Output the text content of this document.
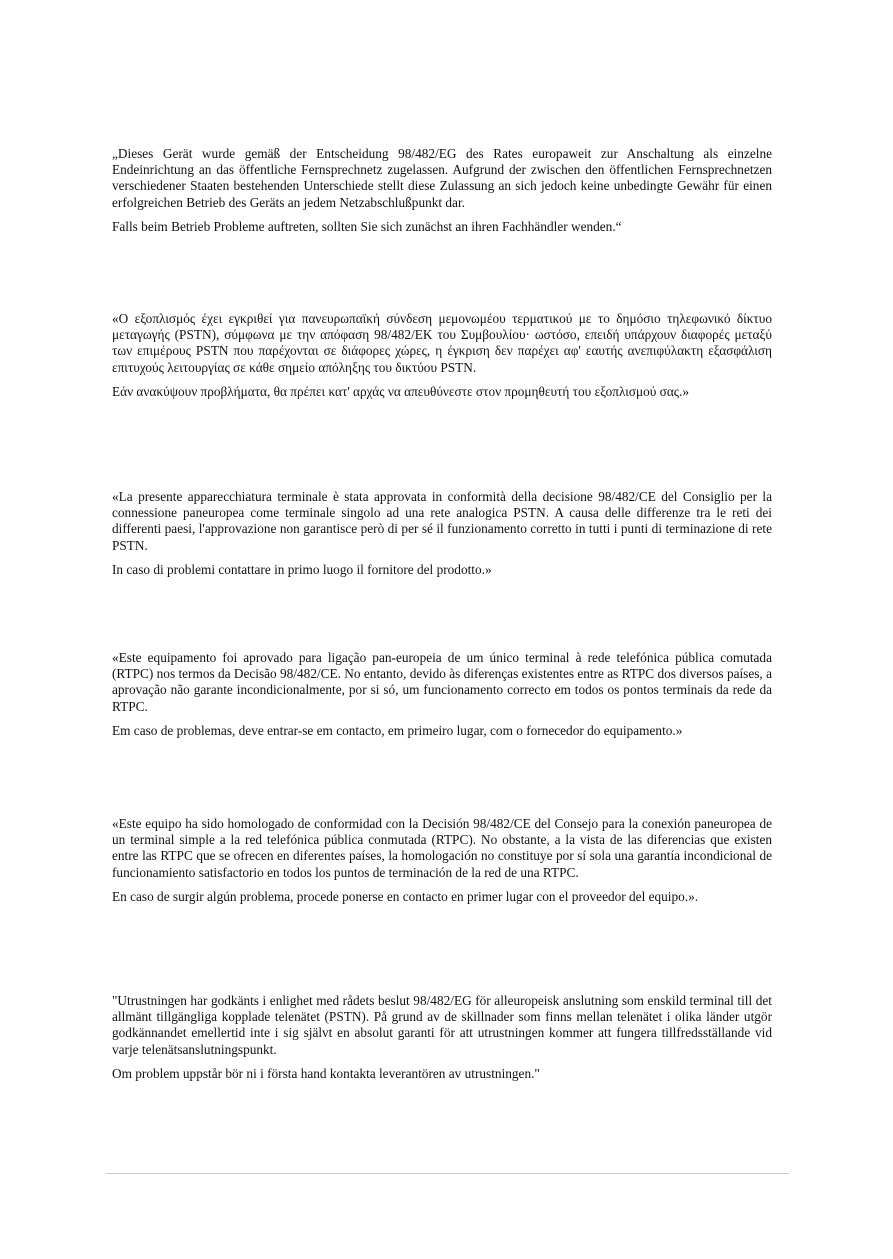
„Dieses Gerät wurde gemäß der Entscheidung 98/482/EG des Rates europaweit zur Anschaltung als einzelne Endeinrichtung an das öffentliche Fernsprechnetz zugelassen. Aufgrund der zwischen den öffentlichen Fernsprechnetzen verschiedener Staaten bestehenden Unterschiede stellt diese Zulassung an sich jedoch keine unbedingte Gewähr für einen erfolgreichen Betrieb des Geräts an jedem Netzabschlußpunkt dar.

Falls beim Betrieb Probleme auftreten, sollten Sie sich zunächst an ihren Fachhändler wenden.“

«Ο εξοπλισμός έχει εγκριθεί για πανευρωπαϊκή σύνδεση μεμονωμέου τερματικού με το δημόσιο τηλεφωνικό δίκτυο μεταγωγής (PSTN), σύμφωνα με την απόφαση 98/482/ΕΚ του Συμβουλίου· ωστόσο, επειδή υπάρχουν διαφορές μεταξύ των επιμέρους PSTN που παρέχονται σε διάφορες χώρες, η έγκριση δεν παρέχει αφ' εαυτής ανεπιφύλακτη εξασφάλιση επιτυχούς λειτουργίας σε κάθε σημείο απόληξης του δικτύου PSTN.

Εάν ανακύψουν προβλήματα, θα πρέπει κατ' αρχάς να απευθύνεστε στον προμηθευτή του εξοπλισμού σας.»

«La presente apparecchiatura terminale è stata approvata in conformità della decisione 98/482/CE del Consiglio per la connessione paneuropea come terminale singolo ad una rete analogica PSTN. A causa delle differenze tra le reti dei differenti paesi, l'approvazione non garantisce però di per sé il funzionamento corretto in tutti i punti di terminazione di rete PSTN.

In caso di problemi contattare in primo luogo il fornitore del prodotto.»

«Este equipamento foi aprovado para ligação pan-europeia de um único terminal à rede telefónica pública comutada (RTPC) nos termos da Decisão 98/482/CE. No entanto, devido às diferenças existentes entre as RTPC dos diversos países, a aprovação não garante incondicionalmente, por si só, um funcionamento correcto em todos os pontos terminais da rede da RTPC.

Em caso de problemas, deve entrar-se em contacto, em primeiro lugar, com o fornecedor do equipamento.»

«Este equipo ha sido homologado de conformidad con la Decisión 98/482/CE del Consejo para la conexión paneuropea de un terminal simple a la red telefónica pública conmutada (RTPC). No obstante, a la vista de las diferencias que existen entre las RTPC que se ofrecen en diferentes países, la homologación no constituye por sí sola una garantía incondicional de funcionamiento satisfactorio en todos los puntos de terminación de la red de una RTPC.

En caso de surgir algún problema, procede ponerse en contacto en primer lugar con el proveedor del equipo.».

"Utrustningen har godkänts i enlighet med rådets beslut 98/482/EG för alleuropeisk anslutning som enskild terminal till det allmänt tillgängliga kopplade telenätet (PSTN). På grund av de skillnader som finns mellan telenätet i olika länder utgör godkännandet emellertid inte i sig självt en absolut garanti för att utrustningen kommer att fungera tillfredsställande vid varje telenätsanslutningspunkt.

Om problem uppstår bör ni i första hand kontakta leverantören av utrustningen."
